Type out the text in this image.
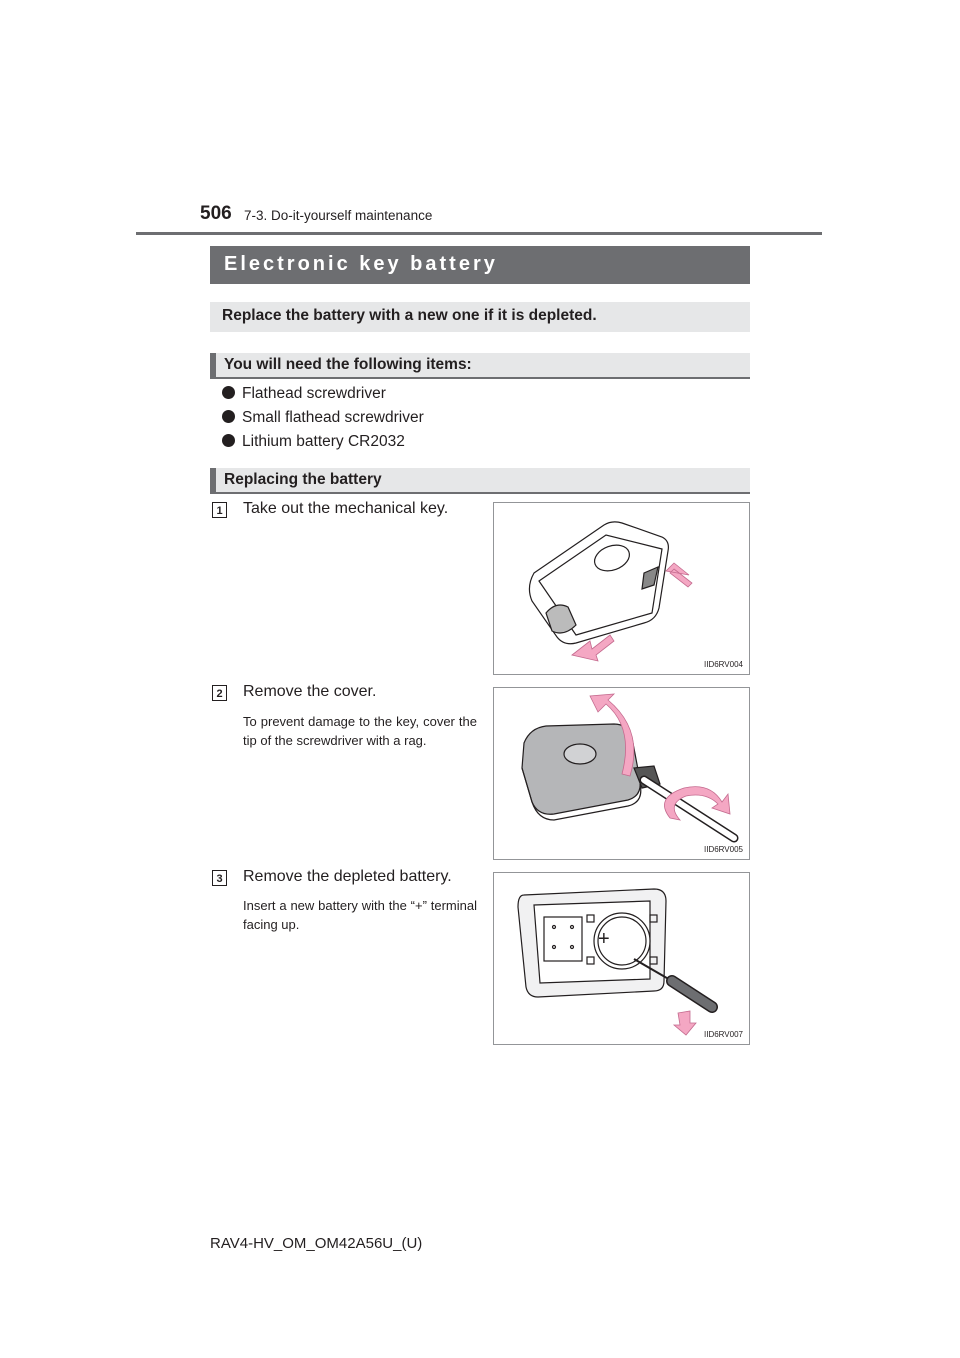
506 7-3. Do-it-yourself maintenance
Electronic key battery
Replace the battery with a new one if it is depleted.
You will need the following items:
Flathead screwdriver
Small flathead screwdriver
Lithium battery CR2032
Replacing the battery
1 Take out the mechanical key.
IID6RV004
2 Remove the cover.
To prevent damage to the key, cover the tip of the screwdriver with a rag.
IID6RV005
3 Remove the depleted battery.
Insert a new battery with the “+” terminal facing up.
+
IID6RV007
RAV4-HV_OM_OM42A56U_(U)
